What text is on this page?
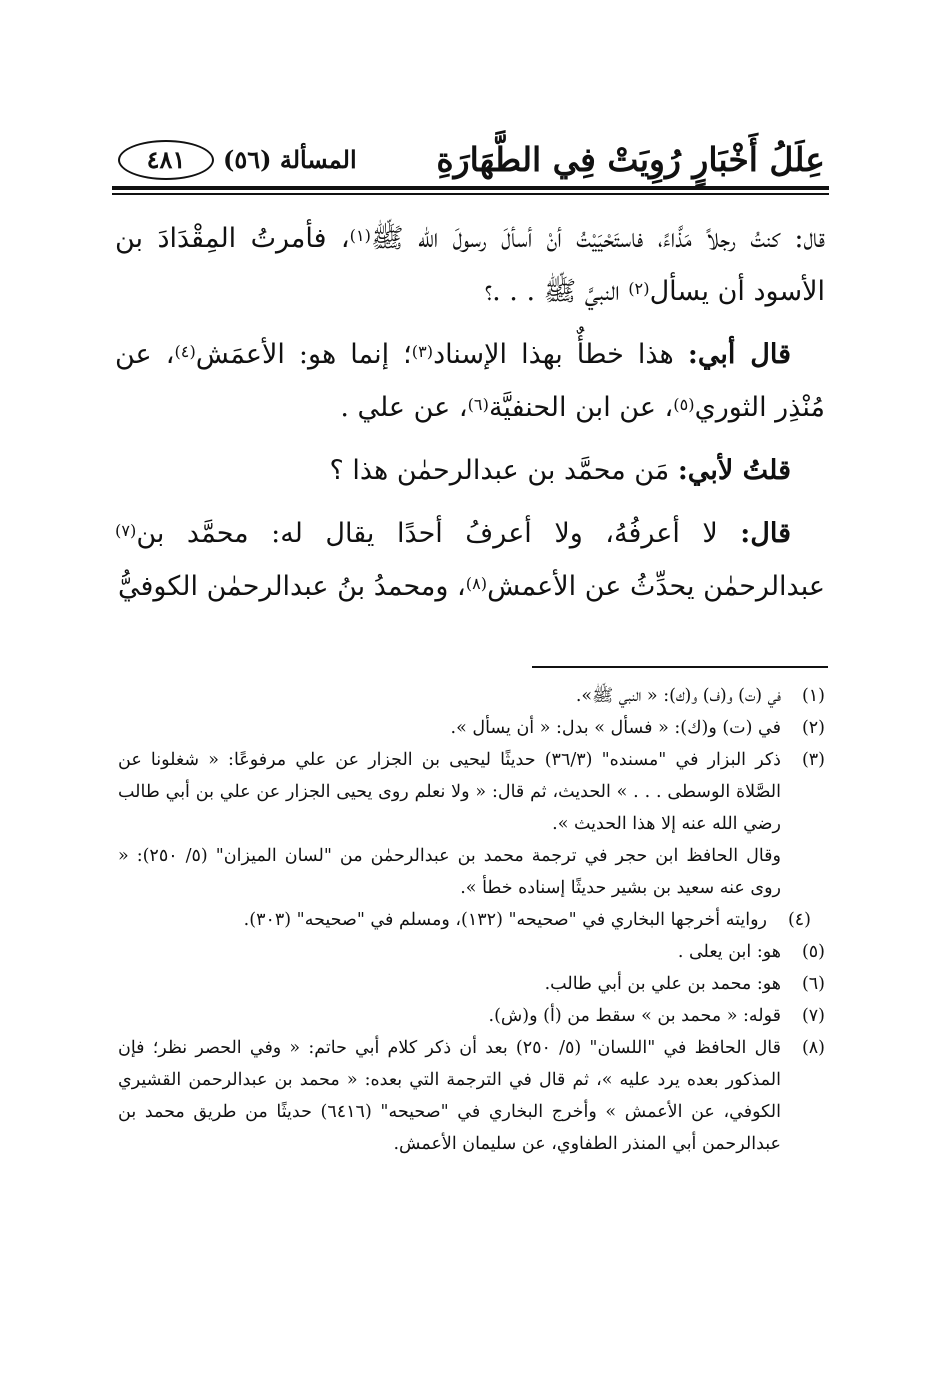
عِلَلُ أَخْبَارٍ رُوِيَتْ فِي الطَّهَارَةِ
المسألة (٥٦)
٤٨١

قال: كنتُ رجلاً مَذَّاءً، فاستَحْيَيْتُ أنْ أسألَ رسولَ الله ﷺ$^{(١)}$، فأمرتُ المِقْدَادَ بن الأسود أن يسأل$^{(٢)}$ النبيَّ ﷺ . . .؟

قال أبي: هذا خطأٌ بهذا الإسناد$^{(٣)}$؛ إنما هو: الأعمَش$^{(٤)}$، عن مُنْذِر الثوري$^{(٥)}$، عن ابن الحنفيَّة$^{(٦)}$، عن علي .

قلتُ لأبي: مَن محمَّد بن عبدالرحمٰن هذا ؟

قال: لا أعرفُهُ، ولا أعرفُ أحدًا يقال له: محمَّد بن$^{(٧)}$ عبدالرحمٰن يحدِّثُ عن الأعمش$^{(٨)}$، ومحمدُ بنُ عبدالرحمٰن الكوفيُّ

(١)
في (ت) و(ف) و(ك): « النبي ﷺ».
(٢)
في (ت) و(ك): « فسأل » بدل: « أن يسأل ».
(٣)
ذكر البزار في "مسنده" (٣٦/٣) حديثًا ليحيى بن الجزار عن علي مرفوعًا: « شغلونا عن الصَّلاة الوسطى . . . » الحديث، ثم قال: « ولا نعلم روى يحيى الجزار عن علي بن أبي طالب رضي الله عنه إلا هذا الحديث ».
وقال الحافظ ابن حجر في ترجمة محمد بن عبدالرحمٰن من "لسان الميزان" (٥/ ٢٥٠): « روى عنه سعيد بن بشير حديثًا إسناده خطأ ».
(٤)
روايته أخرجها البخاري في "صحيحه" (١٣٢)، ومسلم في "صحيحه" (٣٠٣).
(٥)
هو: ابن يعلى .
(٦)
هو: محمد بن علي بن أبي طالب.
(٧)
قوله: « محمد بن » سقط من (أ) و(ش).
(٨)
قال الحافظ في "اللسان" (٥/ ٢٥٠) بعد أن ذكر كلام أبي حاتم: « وفي الحصر نظر؛ فإن المذكور بعده يرد عليه »، ثم قال في الترجمة التي بعده: « محمد بن عبدالرحمن القشيري الكوفي، عن الأعمش » وأخرج البخاري في "صحيحه" (٦٤١٦) حديثًا من طريق محمد بن عبدالرحمن أبي المنذر الطفاوي، عن سليمان الأعمش.
